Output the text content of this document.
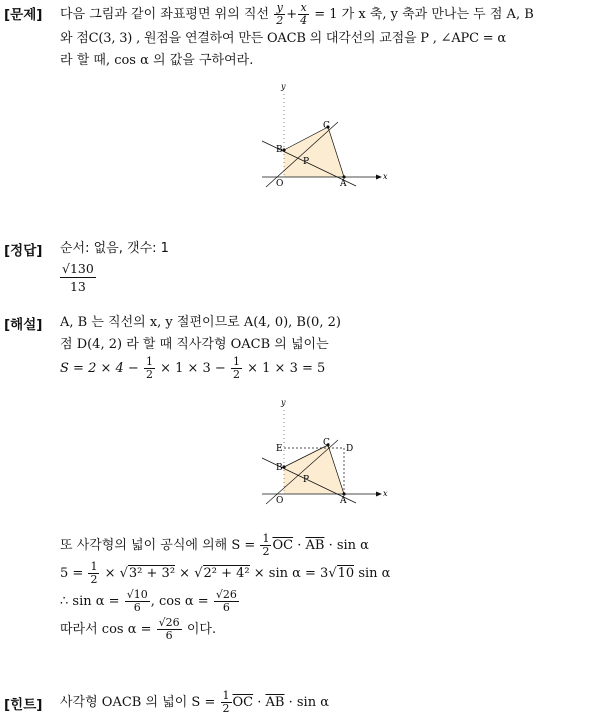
[문제] 다음 그림과 같이 좌표평면 위의 직선 $\frac{y}{2} + \frac{x}{4} = 1$ 가 x 축, y 축과 만나는 두 점 A, B
와 점C(3, 3) , 원점을 연결하여 만든 OACB 의 대각선의 교점을 P , ∠APC = α
라 할 때, cos α 의 값을 구하여라.
y
x
C
B
P
O	A
[정답] 순서: 없음, 갯수: 1
$\frac{√130}{13}$
[해설] A, B 는 직선의 x, y 절편이므로 A(4, 0), B(0, 2)
점 D(4, 2) 라 할 때 직사각형 OACB 의 넓이는
$S = 2 \times 4 - \frac{1}{2} \times 1 \times 3 - \frac{1}{2} \times 1 \times 3 = 5$
y
x
E
C
D
B
P
O	A
또 사각형의 넓이 공식에 의해 $S = \frac{1}{2} \overline{OC} \cdot \overline{AB} \cdot \sin \alpha$
$5 = \frac{1}{2} \times √3^2 + 3^2 \times √2^2 + 4^2 \times \sin \alpha = 3√10$ sin α
∴ $\sin \alpha = \frac{√10}{6}$ , $\cos \alpha = \frac{√26}{6}$
따라서 $\cos \alpha = \frac{√26}{6}$ 이다.
[힌트] 사각형 OACB 의 넓이 $S = \frac{1}{2} \overline{OC} \cdot \overline{AB} \cdot \sin \alpha$
